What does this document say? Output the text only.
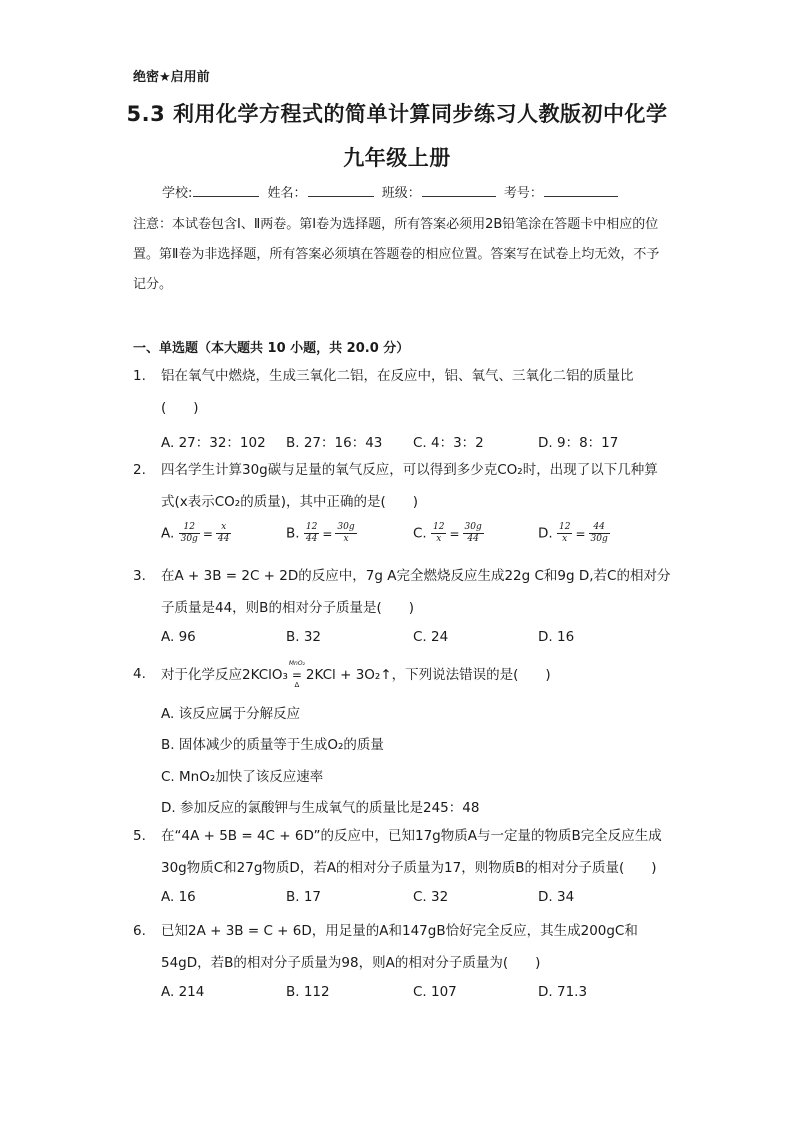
绝密★启用前
5.3 利用化学方程式的简单计算同步练习人教版初中化学
九年级上册
学校:	姓名：	班级：	考号：
注意：本试卷包含Ⅰ、Ⅱ两卷。第Ⅰ卷为选择题，所有答案必须用2B铅笔涂在答题卡中相应的位置。第Ⅱ卷为非选择题，所有答案必须填在答题卷的相应位置。答案写在试卷上均无效，不予记分。
一、单选题（本大题共 10 小题，共 20.0 分）
1.	铝在氧气中燃烧，生成三氧化二铝，在反应中，铝、氧气、三氧化二铝的质量比(　　)
A. 27：32：102 B. 27：16：43 C. 4：3：2	D. 9：8：17
2.	四名学生计算30g碳与足量的氧气反应，可以得到多少克CO₂时，出现了以下几种算式(x表示CO₂的质量)，其中正确的是(　　)
A. $\frac{12}{30g} = \frac{x}{44}$	B. $\frac{12}{44} = \frac{30g}{x}$	C. $\frac{12}{x} = \frac{30g}{44}$	D. $\frac{12}{x} = \frac{44}{30g}$
3.	在A + 3B = 2C + 2D的反应中，7g A完全燃烧反应生成22g C和9g D,若C的相对分子质量是44，则B的相对分子质量是(　　)
A. 96	B. 32	C. 24	D. 16
4.	对于化学反应2KClO₃
MnO₂
=
Δ
2KCl + 3O₂↑，下列说法错误的是(　　)
A. 该反应属于分解反应
B. 固体减少的质量等于生成O₂的质量
C. MnO₂加快了该反应速率
D. 参加反应的氯酸钾与生成氧气的质量比是245：48
5.	在“4A + 5B = 4C + 6D”的反应中，已知17g物质A与一定量的物质B完全反应生成30g物质C和27g物质D，若A的相对分子质量为17，则物质B的相对分子质量(　　)
A. 16	B. 17	C. 32	D. 34
6.	已知2A + 3B = C + 6D，用足量的A和147gB恰好完全反应，其生成200gC和54gD，若B的相对分子质量为98，则A的相对分子质量为(　　)
A. 214	B. 112	C. 107	D. 71.3
